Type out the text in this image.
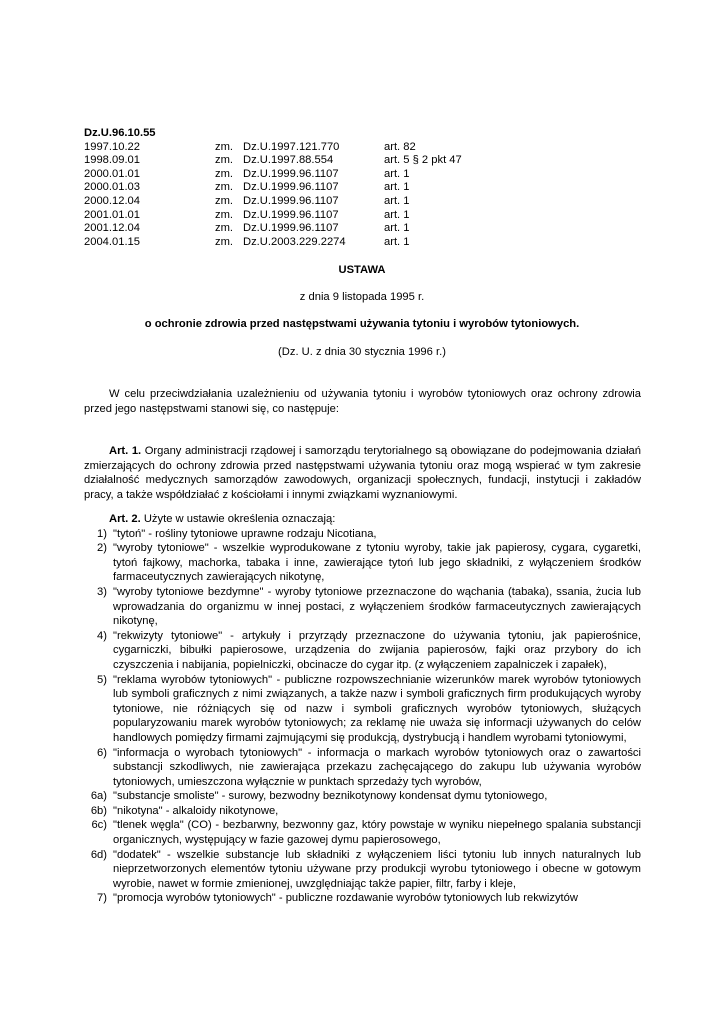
Dz.U.96.10.55
1997.10.22	zm. Dz.U.1997.121.770	art. 82
1998.09.01	zm. Dz.U.1997.88.554	art. 5 § 2 pkt 47
2000.01.01	zm. Dz.U.1999.96.1107	art. 1
2000.01.03	zm. Dz.U.1999.96.1107	art. 1
2000.12.04	zm. Dz.U.1999.96.1107	art. 1
2001.01.01	zm. Dz.U.1999.96.1107	art. 1
2001.12.04	zm. Dz.U.1999.96.1107	art. 1
2004.01.15	zm. Dz.U.2003.229.2274	art. 1
USTAWA
z dnia 9 listopada 1995 r.
o ochronie zdrowia przed następstwami używania tytoniu i wyrobów tytoniowych.
(Dz. U. z dnia 30 stycznia 1996 r.)
W celu przeciwdziałania uzależnieniu od używania tytoniu i wyrobów tytoniowych oraz ochrony zdrowia przed jego następstwami stanowi się, co następuje:
Art. 1. Organy administracji rządowej i samorządu terytorialnego są obowiązane do podejmowania działań zmierzających do ochrony zdrowia przed następstwami używania tytoniu oraz mogą wspierać w tym zakresie działalność medycznych samorządów zawodowych, organizacji społecznych, fundacji, instytucji i zakładów pracy, a także współdziałać z kościołami i innymi związkami wyznaniowymi.
Art. 2. Użyte w ustawie określenia oznaczają:
1) "tytoń" - rośliny tytoniowe uprawne rodzaju Nicotiana,
2) "wyroby tytoniowe" - wszelkie wyprodukowane z tytoniu wyroby, takie jak papierosy, cygara, cygaretki, tytoń fajkowy, machorka, tabaka i inne, zawierające tytoń lub jego składniki, z wyłączeniem środków farmaceutycznych zawierających nikotynę,
3) "wyroby tytoniowe bezdymne" - wyroby tytoniowe przeznaczone do wąchania (tabaka), ssania, żucia lub wprowadzania do organizmu w innej postaci, z wyłączeniem środków farmaceutycznych zawierających nikotynę,
4) "rekwizyty tytoniowe" - artykuły i przyrządy przeznaczone do używania tytoniu, jak papierośnice, cygarniczki, bibułki papierosowe, urządzenia do zwijania papierosów, fajki oraz przybory do ich czyszczenia i nabijania, popielniczki, obcinacze do cygar itp. (z wyłączeniem zapalniczek i zapałek),
5) "reklama wyrobów tytoniowych" - publiczne rozpowszechnianie wizerunków marek wyrobów tytoniowych lub symboli graficznych z nimi związanych, a także nazw i symboli graficznych firm produkujących wyroby tytoniowe, nie różniących się od nazw i symboli graficznych wyrobów tytoniowych, służących popularyzowaniu marek wyrobów tytoniowych; za reklamę nie uważa się informacji używanych do celów handlowych pomiędzy firmami zajmującymi się produkcją, dystrybucją i handlem wyrobami tytoniowymi,
6) "informacja o wyrobach tytoniowych" - informacja o markach wyrobów tytoniowych oraz o zawartości substancji szkodliwych, nie zawierająca przekazu zachęcającego do zakupu lub używania wyrobów tytoniowych, umieszczona wyłącznie w punktach sprzedaży tych wyrobów,
6a) "substancje smoliste" - surowy, bezwodny beznikotynowy kondensat dymu tytoniowego,
6b) "nikotyna" - alkaloidy nikotynowe,
6c) "tlenek węgla" (CO) - bezbarwny, bezwonny gaz, który powstaje w wyniku niepełnego spalania substancji organicznych, występujący w fazie gazowej dymu papierosowego,
6d) "dodatek" - wszelkie substancje lub składniki z wyłączeniem liści tytoniu lub innych naturalnych lub nieprzetworzonych elementów tytoniu używane przy produkcji wyrobu tytoniowego i obecne w gotowym wyrobie, nawet w formie zmienionej, uwzględniając także papier, filtr, farby i kleje,
7) "promocja wyrobów tytoniowych" - publiczne rozdawanie wyrobów tytoniowych lub rekwizytów
